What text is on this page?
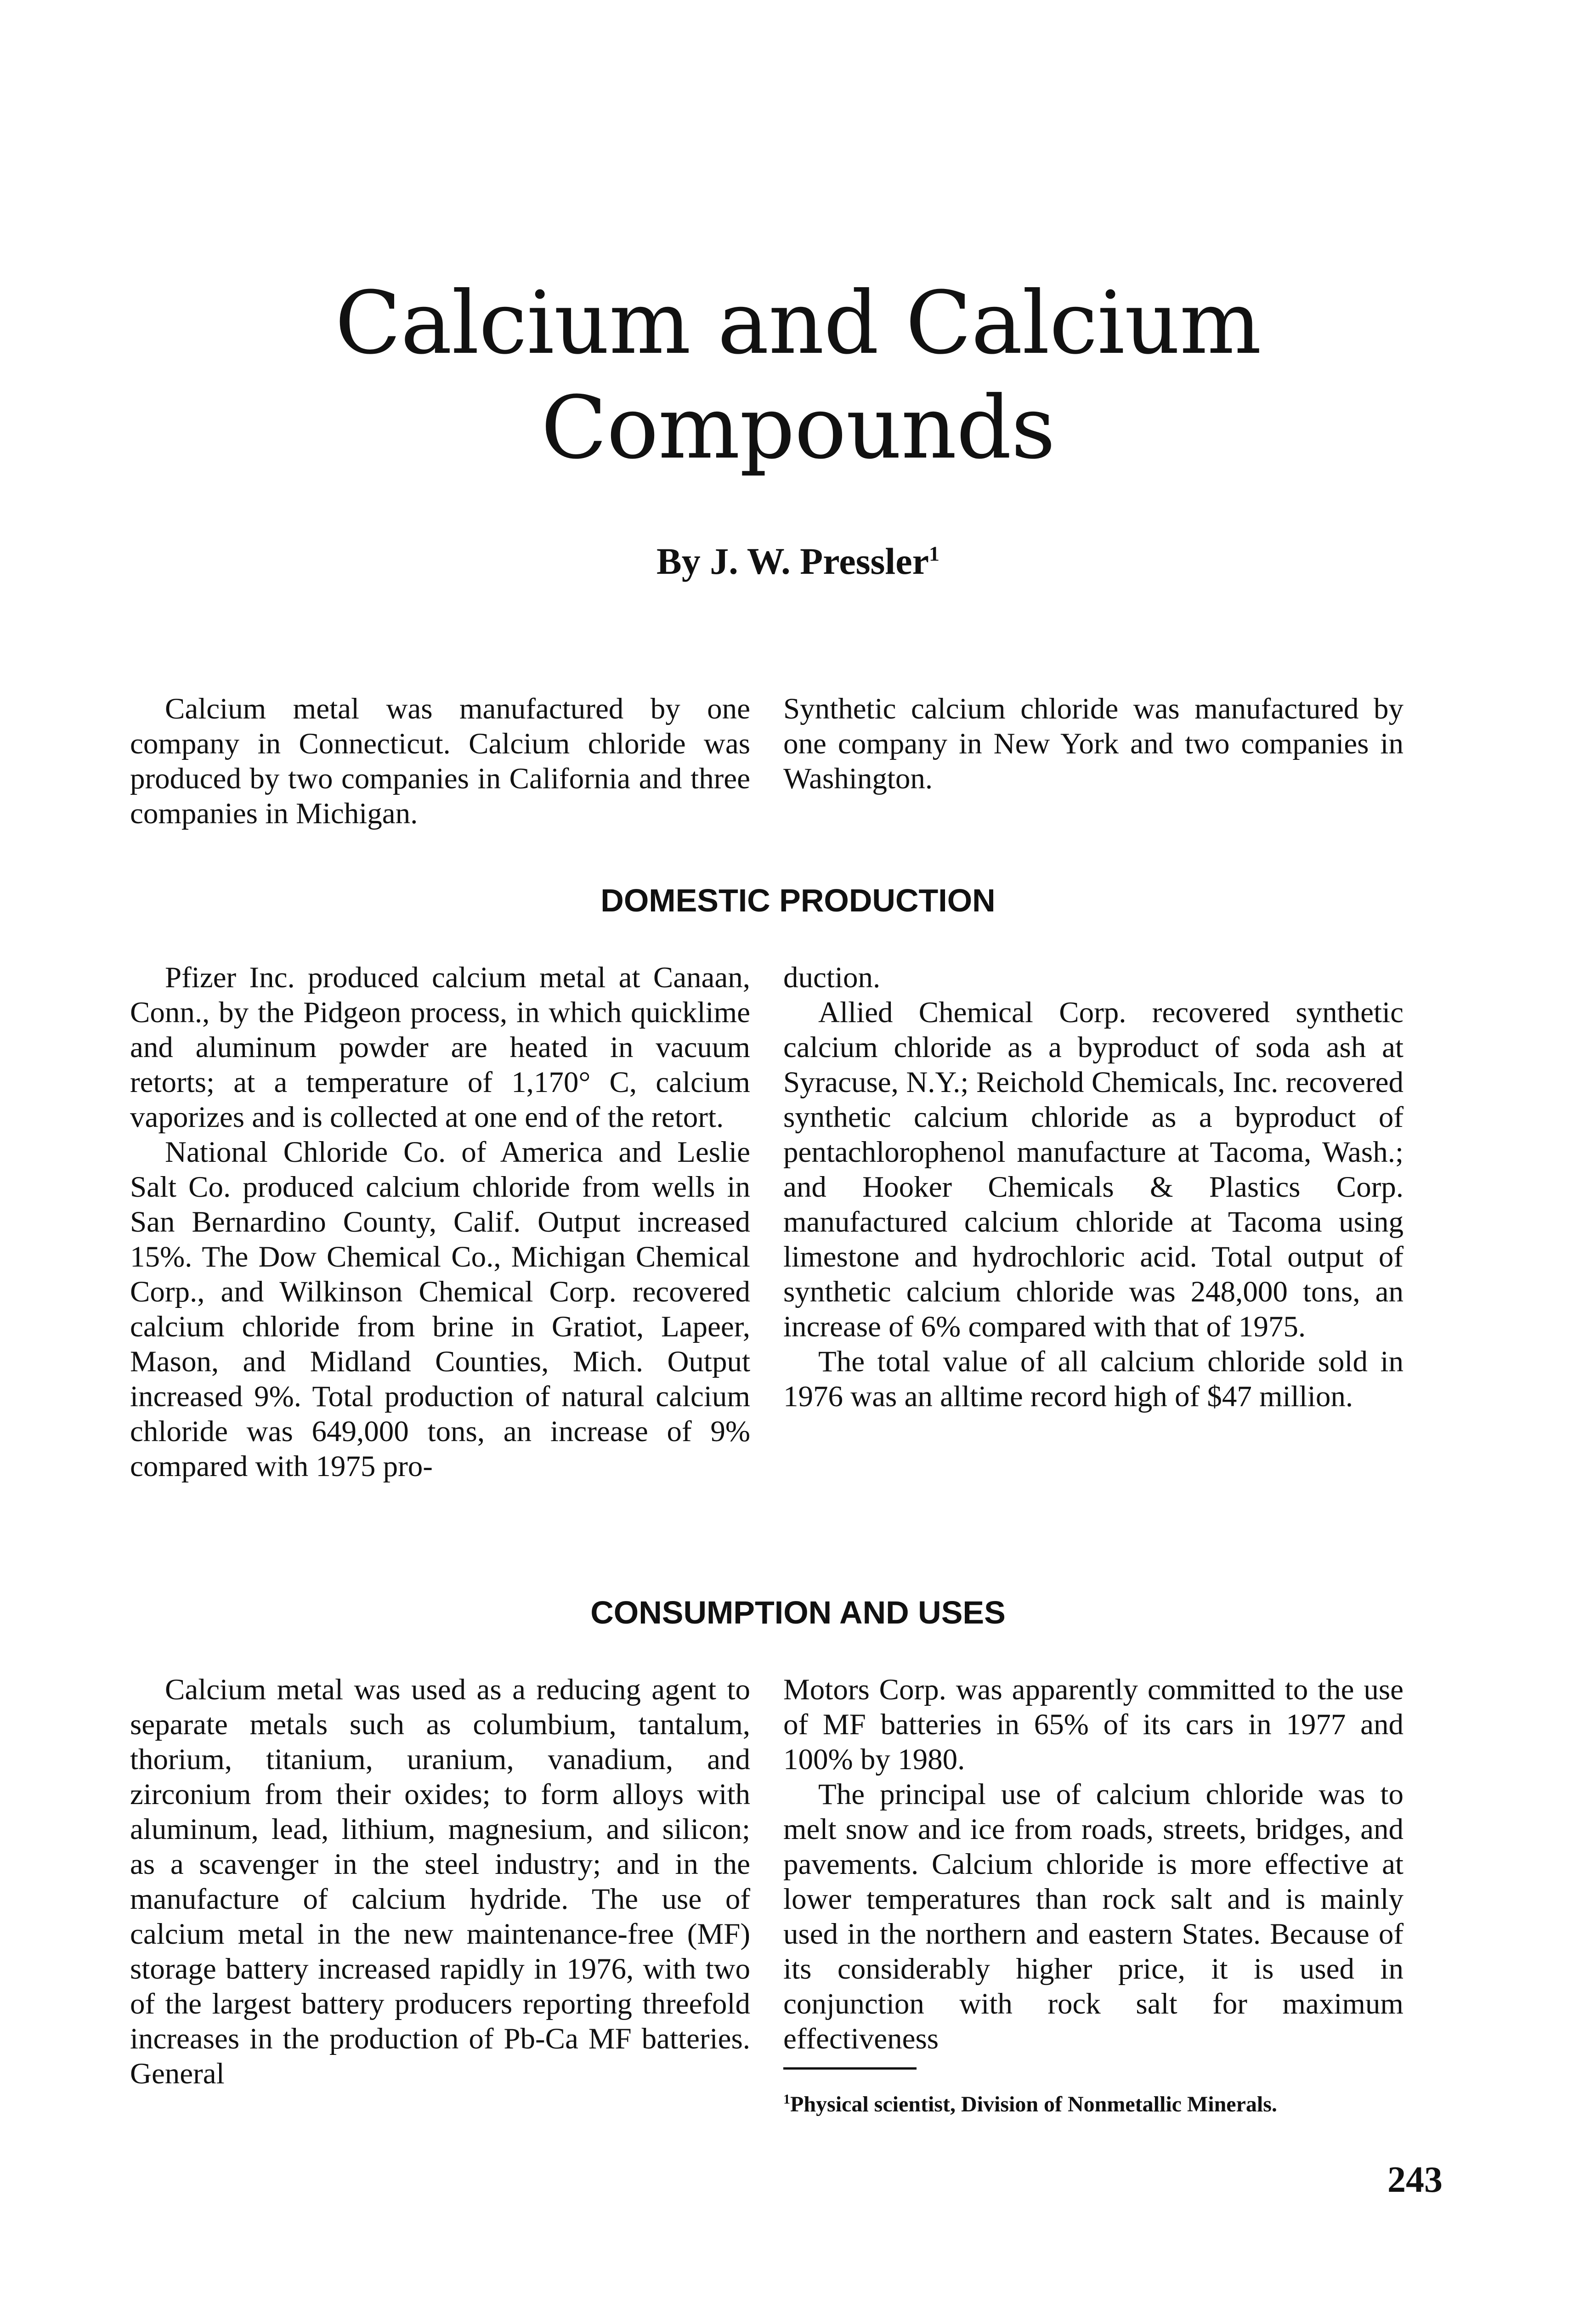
Calcium and Calcium
Compounds
By J. W. Pressler$^1$

Calcium metal was manufactured by one company in Connecticut. Calcium chloride was produced by two companies in California and three companies in Michigan.

Synthetic calcium chloride was manufactured by one company in New York and two companies in Washington.

DOMESTIC PRODUCTION

Pfizer Inc. produced calcium metal at Canaan, Conn., by the Pidgeon process, in which quicklime and aluminum powder are heated in vacuum retorts; at a temperature of 1,170° C, calcium vaporizes and is collected at one end of the retort.

National Chloride Co. of America and Leslie Salt Co. produced calcium chloride from wells in San Bernardino County, Calif. Output increased 15%. The Dow Chemical Co., Michigan Chemical Corp., and Wilkinson Chemical Corp. recovered calcium chloride from brine in Gratiot, Lapeer, Mason, and Midland Counties, Mich. Output increased 9%. Total production of natural calcium chloride was 649,000 tons, an increase of 9% compared with 1975 pro-

duction.

Allied Chemical Corp. recovered synthetic calcium chloride as a byproduct of soda ash at Syracuse, N.Y.; Reichold Chemicals, Inc. recovered synthetic calcium chloride as a byproduct of pentachlorophenol manufacture at Tacoma, Wash.; and Hooker Chemicals & Plastics Corp. manufactured calcium chloride at Tacoma using limestone and hydrochloric acid. Total output of synthetic calcium chloride was 248,000 tons, an increase of 6% compared with that of 1975.

The total value of all calcium chloride sold in 1976 was an alltime record high of $47 million.

CONSUMPTION AND USES

Calcium metal was used as a reducing agent to separate metals such as columbium, tantalum, thorium, titanium, uranium, vanadium, and zirconium from their oxides; to form alloys with aluminum, lead, lithium, magnesium, and silicon; as a scavenger in the steel industry; and in the manufacture of calcium hydride. The use of calcium metal in the new maintenance-free (MF) storage battery increased rapidly in 1976, with two of the largest battery producers reporting threefold increases in the production of Pb-Ca MF batteries. General

Motors Corp. was apparently committed to the use of MF batteries in 65% of its cars in 1977 and 100% by 1980.

The principal use of calcium chloride was to melt snow and ice from roads, streets, bridges, and pavements. Calcium chloride is more effective at lower temperatures than rock salt and is mainly used in the northern and eastern States. Because of its considerably higher price, it is used in conjunction with rock salt for maximum effectiveness

$^1$Physical scientist, Division of Nonmetallic Minerals.
243
